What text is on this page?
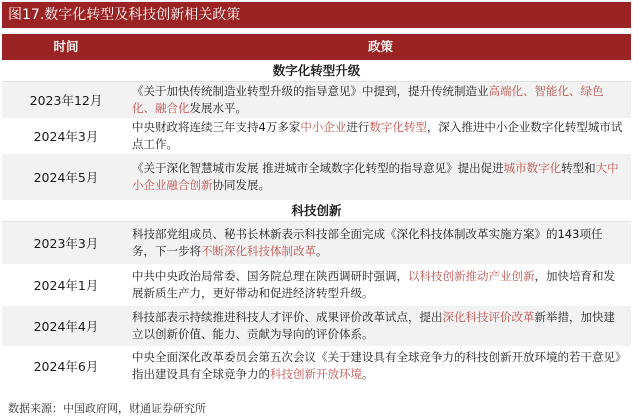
图17.数字化转型及科技创新相关政策
时间	政策
数字化转型升级
2023年12月

《关于加快传统制造业转型升级的指导意见》中提到，提升传统制造业高端化、智能化、绿色化、融合化发展水平。

2024年3月

中央财政将连续三年支持4万多家中小企业进行数字化转型，深入推进中小企业数字化转型城市试点工作。

2024年5月

《关于深化智慧城市发展 推进城市全域数字化转型的指导意见》提出促进城市数字化转型和大中小企业融合创新协同发展。

科技创新
2023年3月

科技部党组成员、秘书长林新表示科技部全面完成《深化科技体制改革实施方案》的143项任务，下一步将不断深化科技体制改革。

2024年1月

中共中央政治局常委、国务院总理在陕西调研时强调，以科技创新推动产业创新，加快培育和发展新质生产力，更好带动和促进经济转型升级。

2024年4月

科技部表示持续推进科技人才评价、成果评价改革试点，提出深化科技评价改革新举措，加快建立以创新价值、能力、贡献为导向的评价体系。

2024年6月

中央全面深化改革委员会第五次会议《关于建设具有全球竞争力的科技创新开放环境的若干意见》指出建设具有全球竞争力的科技创新开放环境。

数据来源：中国政府网，财通证券研究所
